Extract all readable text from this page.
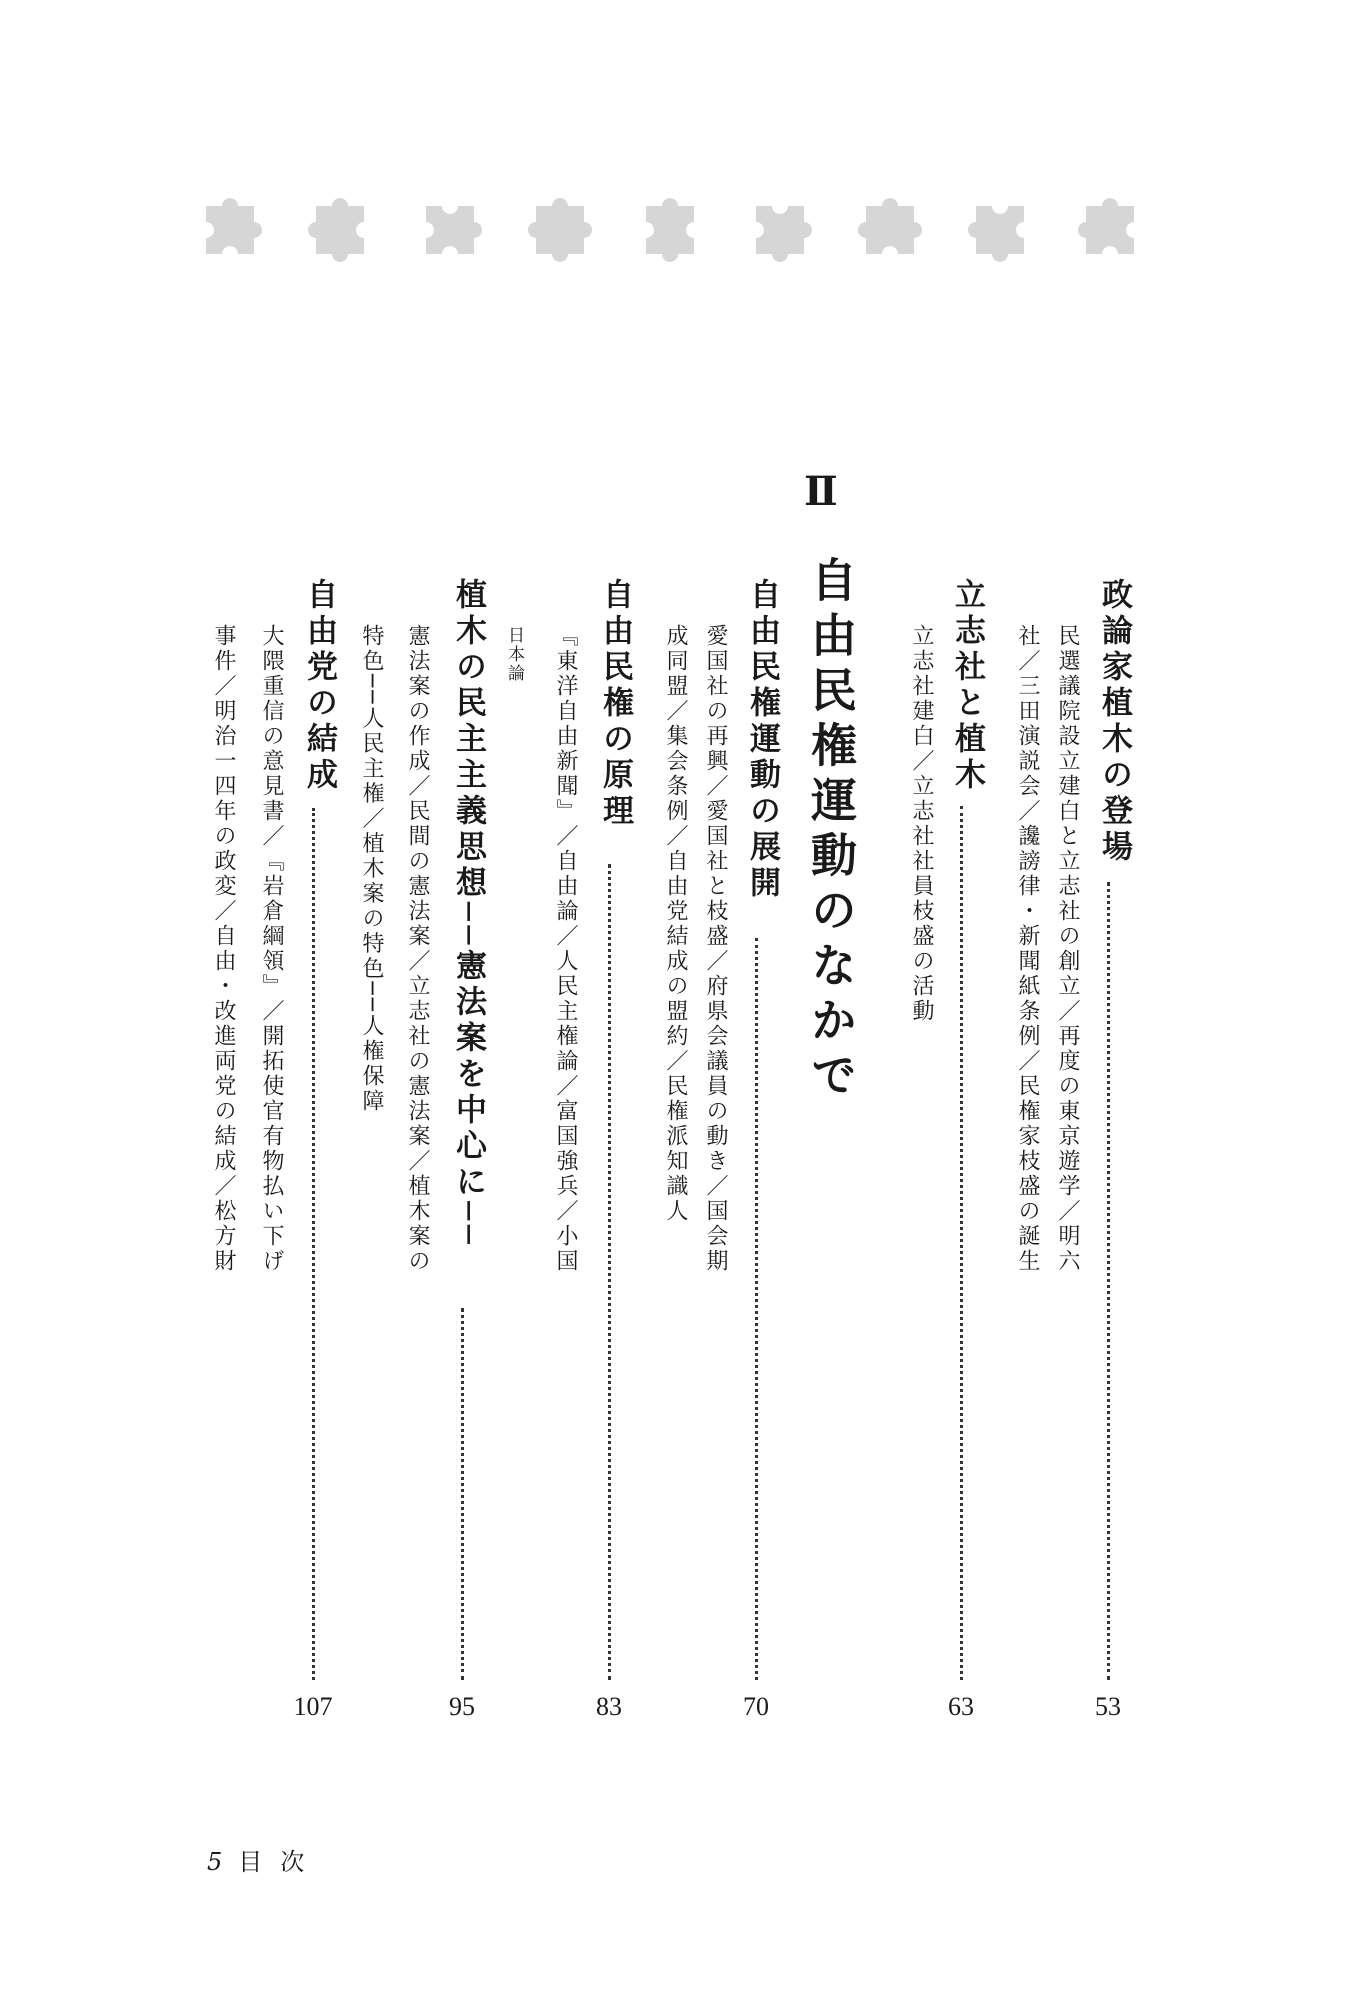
Ⅱ
自由民権運動のなかで	政論家植木の登場
53
民選議院設立建白と立志社の創立／再度の東京遊学／明六
社／三田演説会／讒謗律・新聞紙条例／民権家枝盛の誕生
立志社と植木
63
立志社建白／立志社社員枝盛の活動
自由民権運動の展開
70
愛国社の再興／愛国社と枝盛／府県会議員の動き／国会期
成同盟／集会条例／自由党結成の盟約／民権派知識人
自由民権の原理
83
『東洋自由新聞』／自由論／人民主権論／富国強兵／小国
日本論
植木の民主主義思想──憲法案を中心に──
95
憲法案の作成／民間の憲法案／立志社の憲法案／植木案の
特色──人民主権／植木案の特色──人権保障
自由党の結成
107
大隈重信の意見書／『岩倉綱領』／開拓使官有物払い下げ
事件／明治一四年の政変／自由・改進両党の結成／松方財
5 目次
